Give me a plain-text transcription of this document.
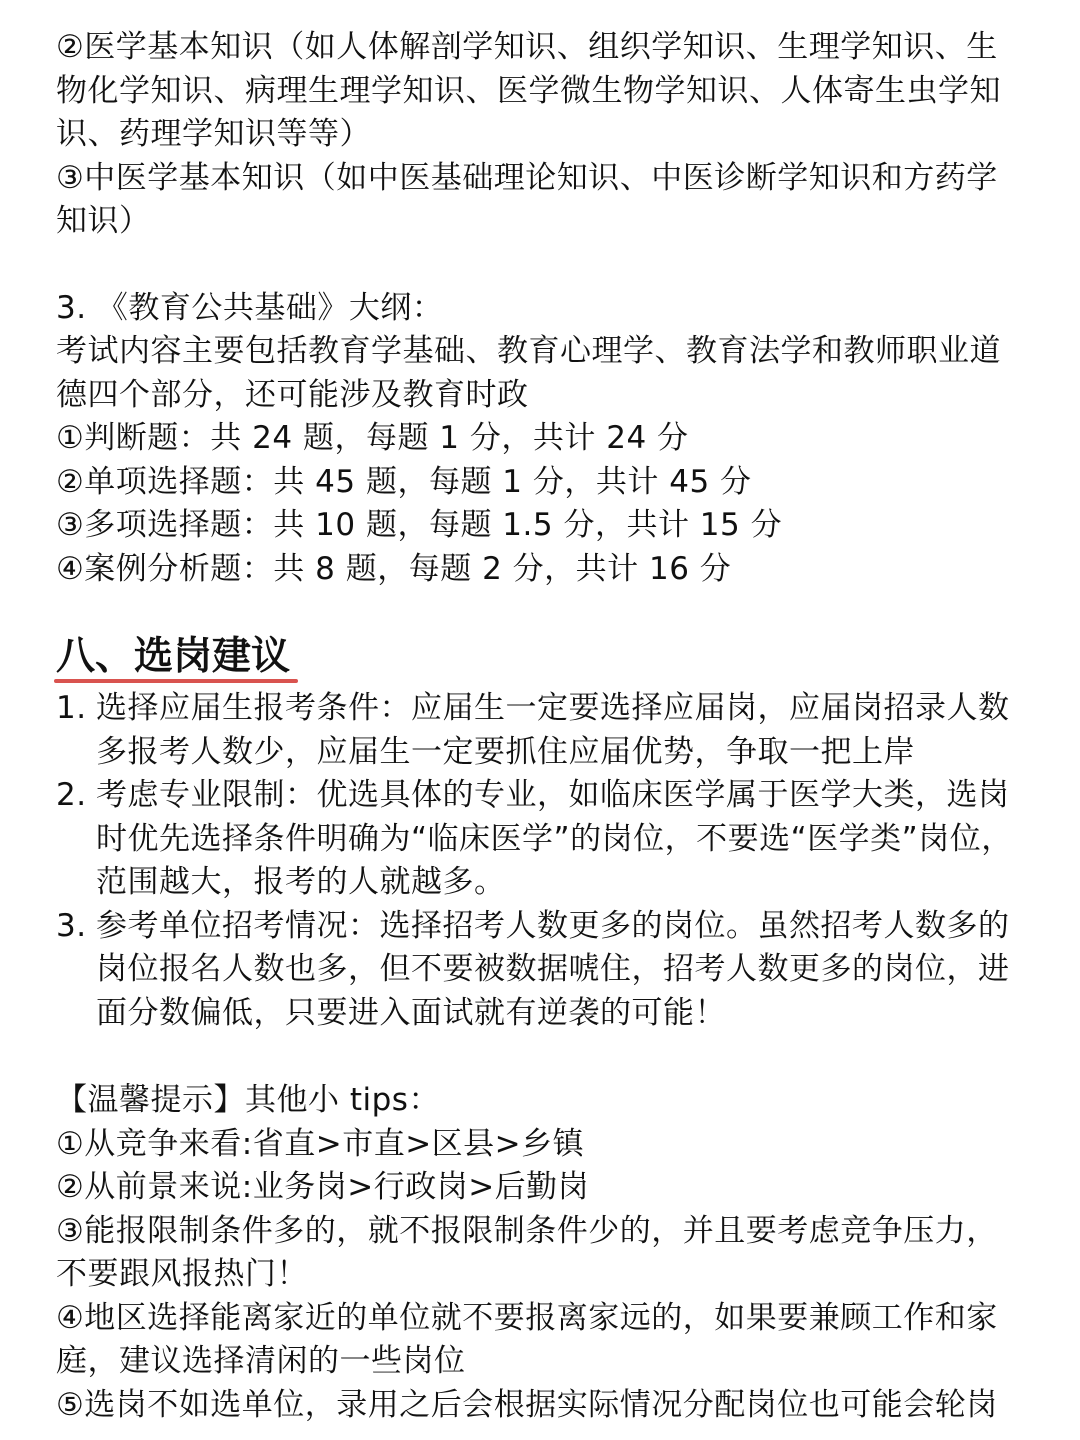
②医学基本知识（如人体解剖学知识、组织学知识、生理学知识、生
物化学知识、病理生理学知识、医学微生物学知识、人体寄生虫学知
识、药理学知识等等）
③中医学基本知识（如中医基础理论知识、中医诊断学知识和方药学
知识）
3. 《教育公共基础》大纲：
考试内容主要包括教育学基础、教育心理学、教育法学和教师职业道
德四个部分，还可能涉及教育时政
①判断题：共 24 题，每题 1 分，共计 24 分
②单项选择题：共 45 题，每题 1 分，共计 45 分
③多项选择题：共 10 题，每题 1.5 分，共计 15 分
④案例分析题：共 8 题，每题 2 分，共计 16 分
八、选岗建议
1. 选择应届生报考条件：应届生一定要选择应届岗，应届岗招录人数
多报考人数少，应届生一定要抓住应届优势，争取一把上岸
2. 考虑专业限制：优选具体的专业，如临床医学属于医学大类，选岗
时优先选择条件明确为“临床医学”的岗位，不要选“医学类”岗位，
范围越大，报考的人就越多。
3. 参考单位招考情况：选择招考人数更多的岗位。虽然招考人数多的
岗位报名人数也多，但不要被数据唬住，招考人数更多的岗位，进
面分数偏低，只要进入面试就有逆袭的可能！
【温馨提示】其他小 tips：
①从竞争来看:省直>市直>区县>乡镇
②从前景来说:业务岗>行政岗>后勤岗
③能报限制条件多的，就不报限制条件少的，并且要考虑竞争压力，
不要跟风报热门！
④地区选择能离家近的单位就不要报离家远的，如果要兼顾工作和家
庭，建议选择清闲的一些岗位
⑤选岗不如选单位，录用之后会根据实际情况分配岗位也可能会轮岗
